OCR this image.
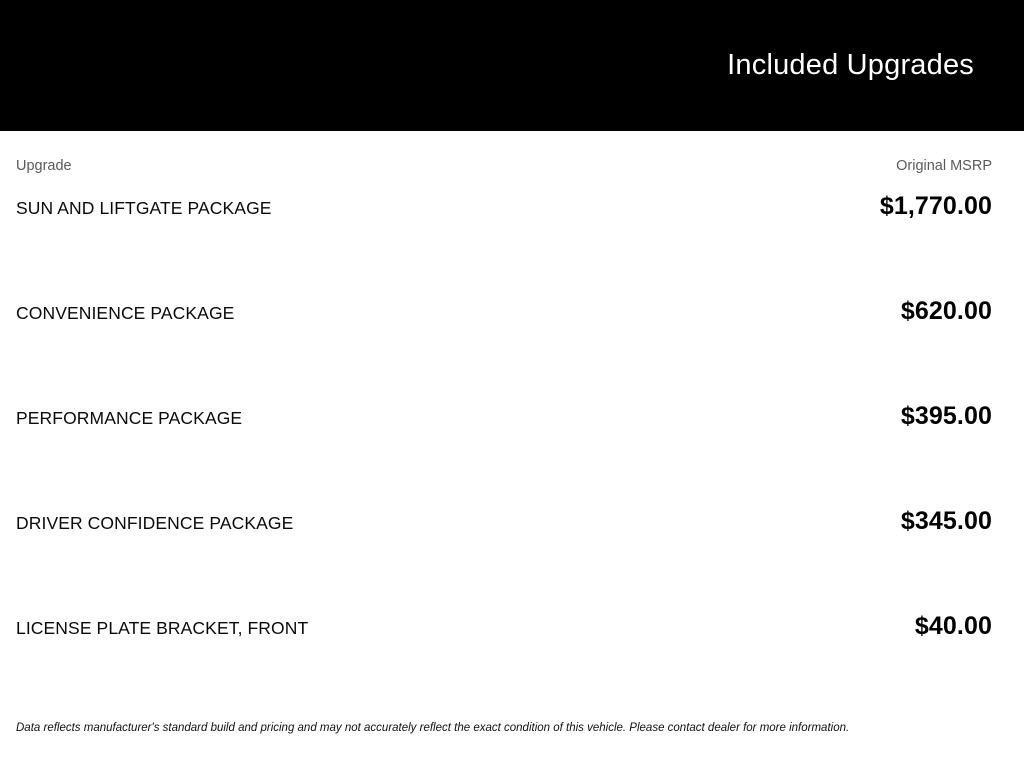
Included Upgrades
Upgrade	Original MSRP
SUN AND LIFTGATE PACKAGE	$1,770.00
CONVENIENCE PACKAGE	$620.00
PERFORMANCE PACKAGE	$395.00
DRIVER CONFIDENCE PACKAGE	$345.00
LICENSE PLATE BRACKET, FRONT	$40.00
Data reflects manufacturer's standard build and pricing and may not accurately reflect the exact condition of this vehicle. Please contact dealer for more information.
